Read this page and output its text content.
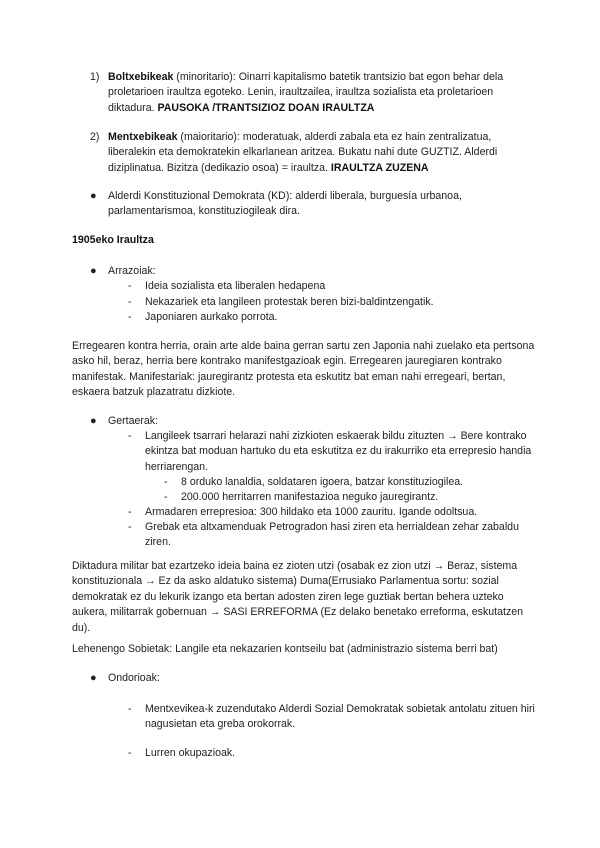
1) Boltxebikeak (minoritario): Oinarri kapitalismo batetik trantsizio bat egon behar dela proletarioen iraultza egoteko. Lenin, iraultzailea, iraultza sozialista eta proletarioen diktadura. PAUSOKA /TRANTSIZIOZ DOAN IRAULTZA
2) Mentxebikeak (maioritario): moderatuak, alderdi zabala eta ez hain zentralizatua, liberalekin eta demokratekin elkarlanean aritzea. Bukatu nahi dute GUZTIZ. Alderdi diziplinatua. Bizitza (dedikazio osoa) = iraultza. IRAULTZA ZUZENA
● Alderdi Konstituzional Demokrata (KD): alderdi liberala, burguesía urbanoa, parlamentarismoa, konstituziogileak dira.
1905eko Iraultza
● Arrazoiak:
- Ideia sozialista eta liberalen hedapena
- Nekazariek eta langileen protestak beren bizi-baldintzengatik.
- Japoniaren aurkako porrota.
Erregearen kontra herria, orain arte alde baina gerran sartu zen Japonia nahi zuelako eta pertsona asko hil, beraz, herria bere kontrako manifestgazioak egin. Erregearen jauregiaren kontrako manifestak. Manifestariak: jauregirantz protesta eta eskutitz bat eman nahi erregeari, bertan, eskaera batzuk plazatratu dizkiote.
● Gertaerak:
- Langileek tsarrari helarazi nahi zizkioten eskaerak bildu zituzten → Bere kontrako ekintza bat moduan hartuko du eta eskutitza ez du irakurriko eta errepresio handia herriarengan.
- 8 orduko lanaldia, soldataren igoera, batzar konstituziogilea.
- 200.000 herritarren manifestazioa neguko jauregirantz.
- Armadaren errepresioa: 300 hildako eta 1000 zauritu. Igande odoltsua.
- Grebak eta altxamenduak Petrogradon hasi ziren eta herrialdean zehar zabaldu ziren.
Diktadura militar bat ezartzeko ideia baina ez zioten utzi (osabak ez zion utzi → Beraz, sistema konstituzionala → Ez da asko aldatuko sistema) Duma(Errusiako Parlamentua sortu: sozial demokratak ez du lekurik izango eta bertan adosten ziren lege guztiak bertan behera uzteko aukera, militarrak gobernuan → SASI ERREFORMA (Ez delako benetako erreforma, eskutatzen du).
Lehenengo Sobietak: Langile eta nekazarien kontseilu bat (administrazio sistema berri bat)
● Ondorioak:
- Mentxevikea-k zuzendutako Alderdi Sozial Demokratak sobietak antolatu zituen hiri nagusietan eta greba orokorrak.
- Lurren okupazioak.
